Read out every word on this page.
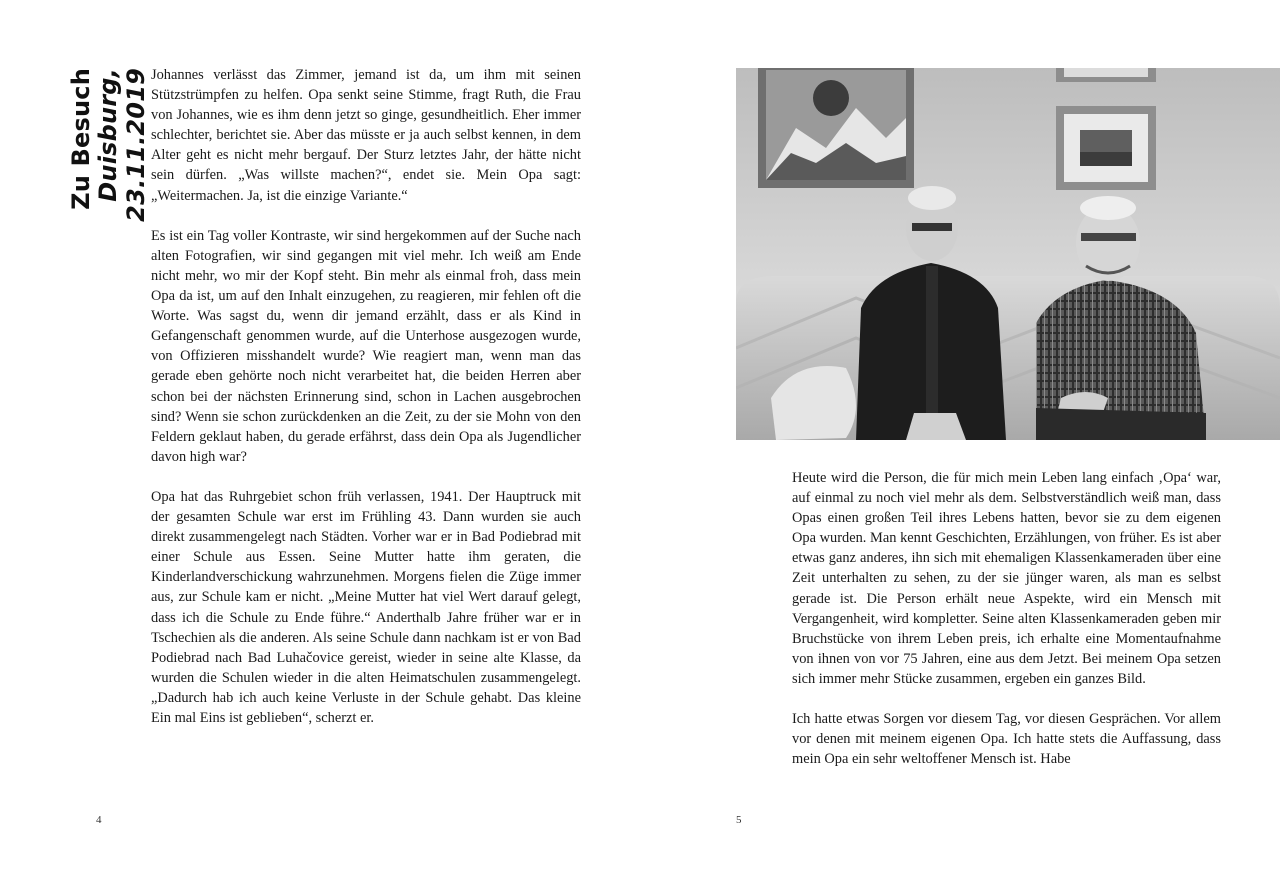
Zu Besuch Duisburg, 23.11.2019 Johannes verlässt das Zimmer, jemand ist da, um ihm mit seinen Stützstrümpfen zu helfen. Opa senkt seine Stimme, fragt Ruth, die Frau von Johannes, wie es ihm denn jetzt so ginge, gesundheitlich. Eher immer schlechter, berichtet sie. Aber das müsste er ja auch selbst kennen, in dem Alter geht es nicht mehr bergauf. Der Sturz letztes Jahr, der hätte nicht sein dürfen. „Was willste machen?“, endet sie. Mein Opa sagt: „Weitermachen. Ja, ist die einzige Variante.“

Es ist ein Tag voller Kontraste, wir sind hergekommen auf der Suche nach alten Fotografien, wir sind gegangen mit viel mehr. Ich weiß am Ende nicht mehr, wo mir der Kopf steht. Bin mehr als einmal froh, dass mein Opa da ist, um auf den Inhalt einzugehen, zu reagieren, mir fehlen oft die Worte. Was sagst du, wenn dir jemand erzählt, dass er als Kind in Gefangenschaft genommen wurde, auf die Unterhose ausgezogen wurde, von Offizieren misshandelt wurde? Wie reagiert man, wenn man das gerade eben gehörte noch nicht verarbeitet hat, die beiden Herren aber schon bei der nächsten Erinnerung sind, schon in Lachen ausgebrochen sind? Wenn sie schon zurückdenken an die Zeit, zu der sie Mohn von den Feldern geklaut haben, du gerade erfährst, dass dein Opa als Jugendlicher davon high war?

Opa hat das Ruhrgebiet schon früh verlassen, 1941. Der Hauptruck mit der gesamten Schule war erst im Frühling 43. Dann wurden sie auch direkt zusammengelegt nach Städten. Vorher war er in Bad Podiebrad mit einer Schule aus Essen. Seine Mutter hatte ihm geraten, die Kinderlandverschickung wahrzunehmen. Morgens fielen die Züge immer aus, zur Schule kam er nicht. „Meine Mutter hat viel Wert darauf gelegt, dass ich die Schule zu Ende führe.“ Anderthalb Jahre früher war er in Tschechien als die anderen. Als seine Schule dann nachkam ist er von Bad Podiebrad nach Bad Luhačovice gereist, wieder in seine alte Klasse, da wurden die Schulen wieder in die alten Heimatschulen zusammengelegt. „Dadurch hab ich auch keine Verluste in der Schule gehabt. Das kleine Ein mal Eins ist geblieben“, scherzt er.

4

Heute wird die Person, die für mich mein Leben lang einfach ‚Opa‘ war, auf einmal zu noch viel mehr als dem. Selbstverständlich weiß man, dass Opas einen großen Teil ihres Lebens hatten, bevor sie zu dem eigenen Opa wurden. Man kennt Geschichten, Erzählungen, von früher. Es ist aber etwas ganz anderes, ihn sich mit ehemaligen Klassenkameraden über eine Zeit unterhalten zu sehen, zu der sie jünger waren, als man es selbst gerade ist. Die Person erhält neue Aspekte, wird ein Mensch mit Vergangenheit, wird kompletter. Seine alten Klassenkameraden geben mir Bruchstücke von ihrem Leben preis, ich erhalte eine Momentaufnahme von ihnen von vor 75 Jahren, eine aus dem Jetzt. Bei meinem Opa setzen sich immer mehr Stücke zusammen, ergeben ein ganzes Bild.

Ich hatte etwas Sorgen vor diesem Tag, vor diesen Gesprächen. Vor allem vor denen mit meinem eigenen Opa. Ich hatte stets die Auffassung, dass mein Opa ein sehr weltoffener Mensch ist. Habe

5
